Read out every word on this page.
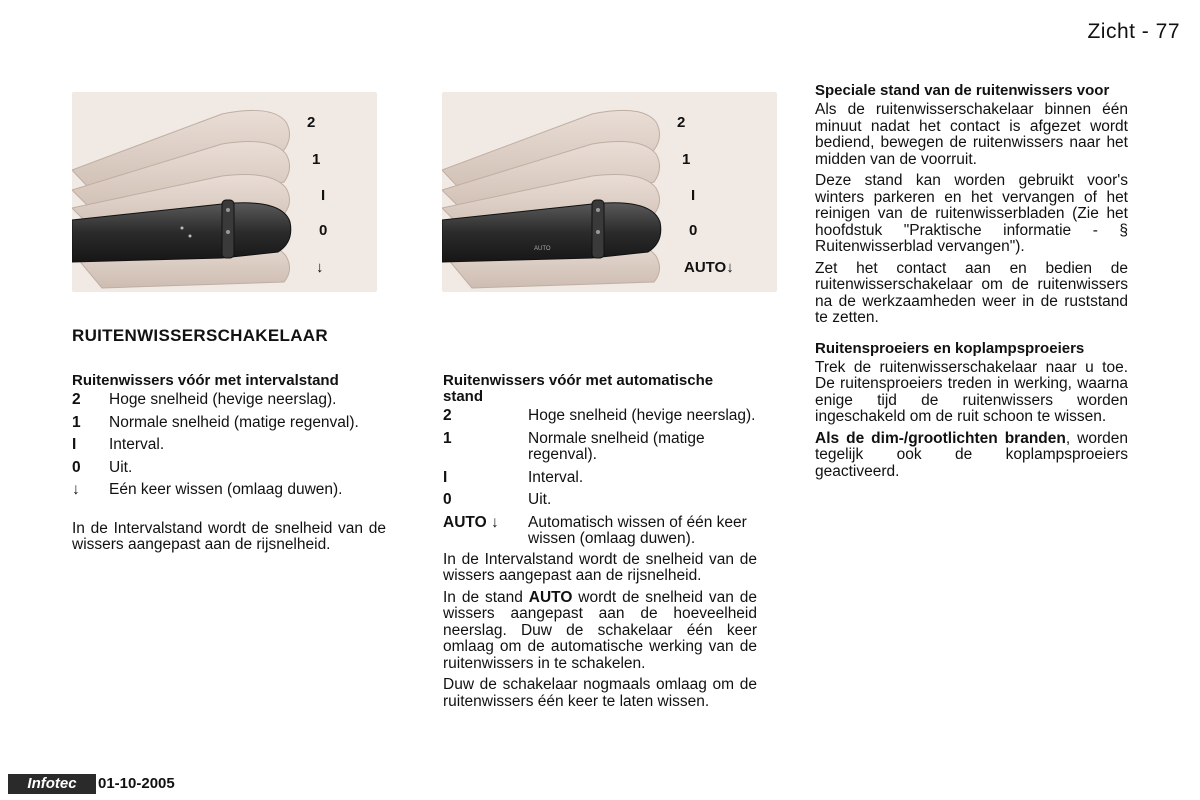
Zicht - 77
2
1
I
0
↓
AUTO
2
1
I
0
AUTO↓
RUITENWISSERSCHAKELAAR
Ruitenwissers vóór met intervalstand
2	Hoge snelheid (hevige neerslag).
1	Normale snelheid (matige regenval).
I	Interval.
0	Uit.
↓	Eén keer wissen (omlaag duwen).

In de Intervalstand wordt de snelheid van de wissers aangepast aan de rijsnelheid.

Ruitenwissers vóór met automatische stand
2	Hoge snelheid (hevige neerslag).
1	Normale snelheid (matige regenval).
I	Interval.
0	Uit.
AUTO ↓	Automatisch wissen of één keer wissen (omlaag duwen).

In de Intervalstand wordt de snelheid van de wissers aangepast aan de rijsnelheid.

In de stand AUTO wordt de snelheid van de wissers aangepast aan de hoeveelheid neerslag. Duw de schakelaar één keer omlaag om de automatische werking van de ruitenwissers in te schakelen.

Duw de schakelaar nogmaals omlaag om de ruitenwissers één keer te laten wissen.

Speciale stand van de ruitenwissers voor

Als de ruitenwisserschakelaar binnen één minuut nadat het contact is afgezet wordt bediend, bewegen de ruitenwissers naar het midden van de voorruit.

Deze stand kan worden gebruikt voor's winters parkeren en het vervangen of het reinigen van de ruitenwisserbladen (Zie het hoofdstuk "Praktische informatie - § Ruitenwisserblad vervangen").

Zet het contact aan en bedien de ruitenwisserschakelaar om de ruitenwissers na de werkzaamheden weer in de ruststand te zetten.

Ruitensproeiers en koplampsproeiers

Trek de ruitenwisserschakelaar naar u toe. De ruitensproeiers treden in werking, waarna enige tijd de ruitenwissers worden ingeschakeld om de ruit schoon te wissen.

Als de dim-/grootlichten branden, worden tegelijk ook de koplampsproeiers geactiveerd.

Infotec	01-10-2005
